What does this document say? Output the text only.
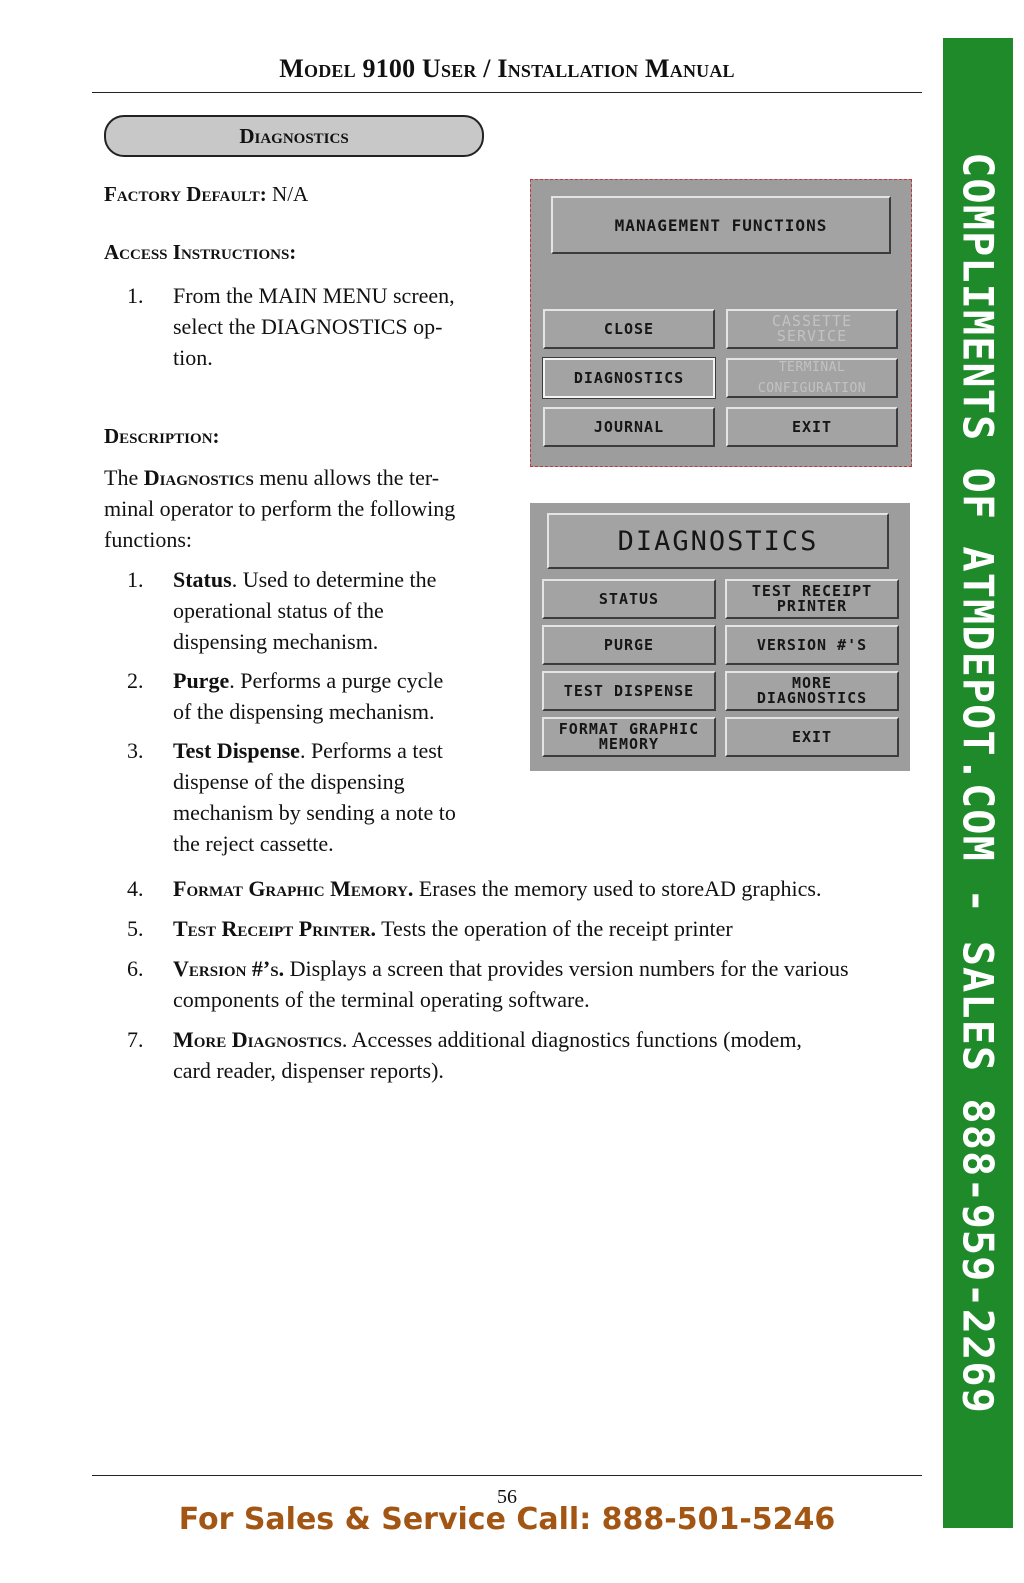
Model 9100 User / Installation Manual
Diagnostics
Factory Default: N/A
Access Instructions:
1. From the MAIN MENU screen,
select the DIAGNOSTICS op-
tion.
Description:
The Diagnostics menu allows the ter-
minal operator to perform the following
functions:
1. Status. Used to determine the
operational status of the
dispensing mechanism.
2. Purge. Performs a purge cycle
of the dispensing mechanism.
3. Test Dispense. Performs a test
dispense of the dispensing
mechanism by sending a note to
the reject cassette.
4. Format Graphic Memory. Erases the memory used to storeAD graphics.
5. Test Receipt Printer. Tests the operation of the receipt printer
6. Version #’s. Displays a screen that provides version numbers for the various
components of the terminal operating software.
7. More Diagnostics. Accesses additional diagnostics functions (modem,
card reader, dispenser reports).
MANAGEMENT FUNCTIONS
CLOSE	CASSETTE
SERVICE
DIAGNOSTICS
TERMINAL
CONFIGURATION
JOURNAL	EXIT
DIAGNOSTICS
STATUS	TEST RECEIPT
PRINTER
PURGE	VERSION #'S
TEST DISPENSE	MORE
DIAGNOSTICS
FORMAT GRAPHIC
MEMORY	EXIT	COMPLIMENTS OF ATMDEPOT.COM - SALES 888-959-2269
56
For Sales & Service Call: 888-501-5246
